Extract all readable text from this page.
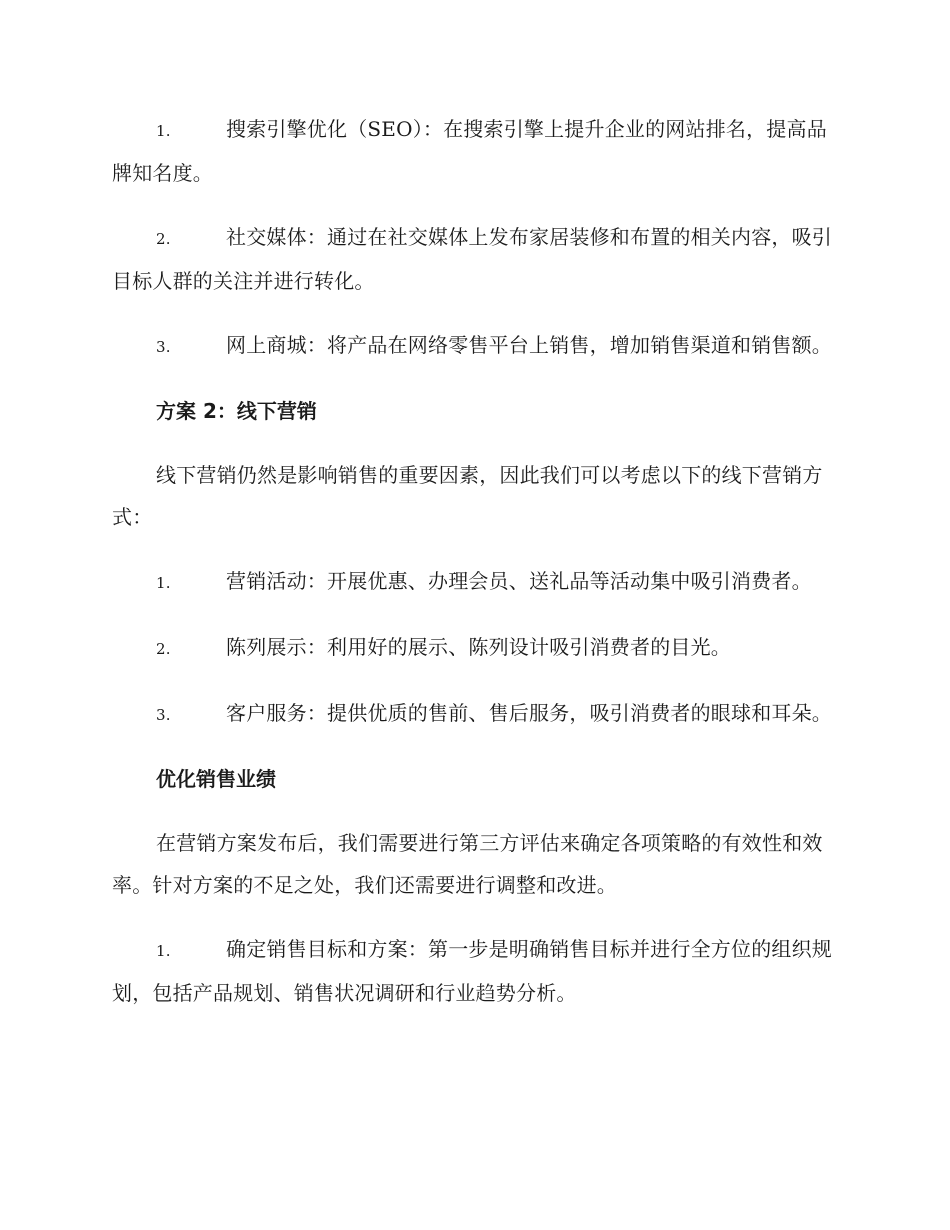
1.	搜索引擎优化（SEO）：在搜索引擎上提升企业的网站排名，提高品牌知名度。
2.	社交媒体：通过在社交媒体上发布家居装修和布置的相关内容，吸引目标人群的关注并进行转化。
3.	网上商城：将产品在网络零售平台上销售，增加销售渠道和销售额。
方案 2：线下营销
线下营销仍然是影响销售的重要因素，因此我们可以考虑以下的线下营销方式：
1.	营销活动：开展优惠、办理会员、送礼品等活动集中吸引消费者。
2.	陈列展示：利用好的展示、陈列设计吸引消费者的目光。
3.	客户服务：提供优质的售前、售后服务，吸引消费者的眼球和耳朵。
优化销售业绩
在营销方案发布后，我们需要进行第三方评估来确定各项策略的有效性和效率。针对方案的不足之处，我们还需要进行调整和改进。
1.	确定销售目标和方案：第一步是明确销售目标并进行全方位的组织规划，包括产品规划、销售状况调研和行业趋势分析。
